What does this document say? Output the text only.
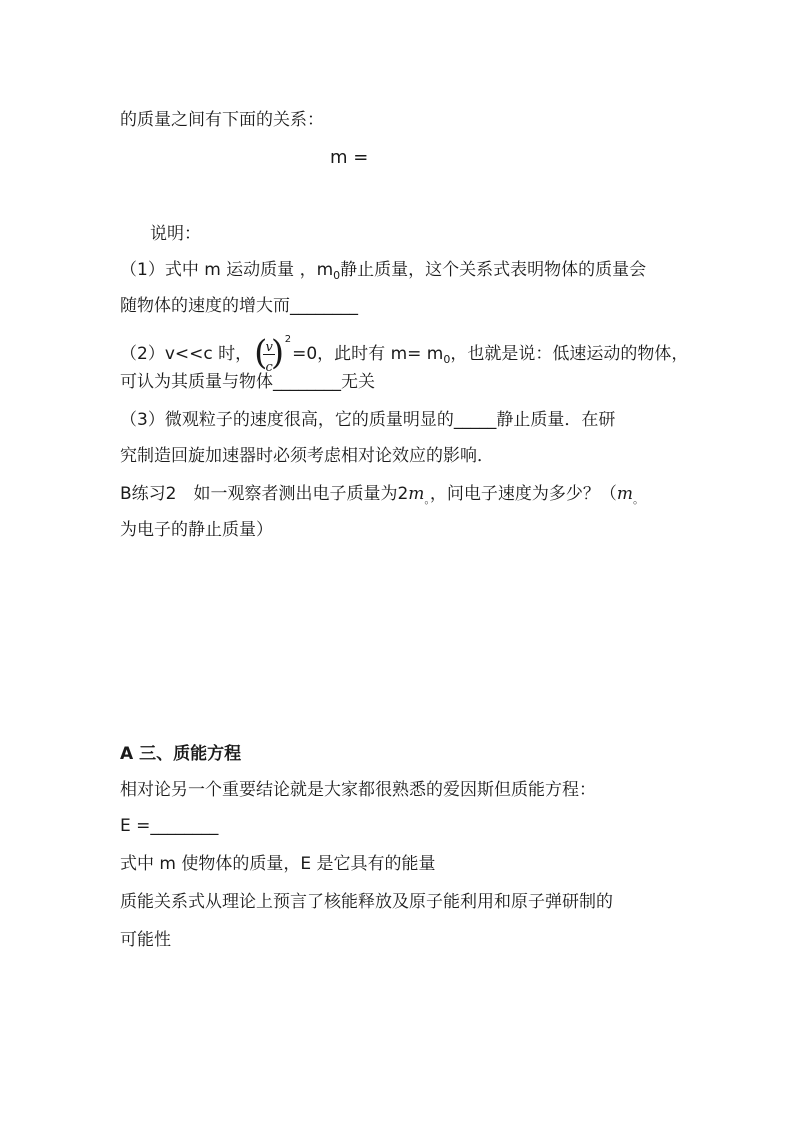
的质量之间有下面的关系：
m =
说明：
（1）式中 m 运动质量 ，$m_0$静止质量，这个关系式表明物体的质量会
随物体的速度的增大而________
（2）v<<c 时， (
v
c
) 2
=0，此时有 $m= m_0$，也就是说：低速运动的物体，
可认为其质量与物体________无关
（3）微观粒子的速度很高，它的质量明显的_____静止质量．在研
究制造回旋加速器时必须考虑相对论效应的影响．
B练习2　如一观察者测出电子质量为$2m_。$，问电子速度为多少？（$m_。$
为电子的静止质量）
A 三、质能方程
相对论另一个重要结论就是大家都很熟悉的爱因斯但质能方程：
E =________
式中 m 使物体的质量，E 是它具有的能量
质能关系式从理论上预言了核能释放及原子能利用和原子弹研制的
可能性
